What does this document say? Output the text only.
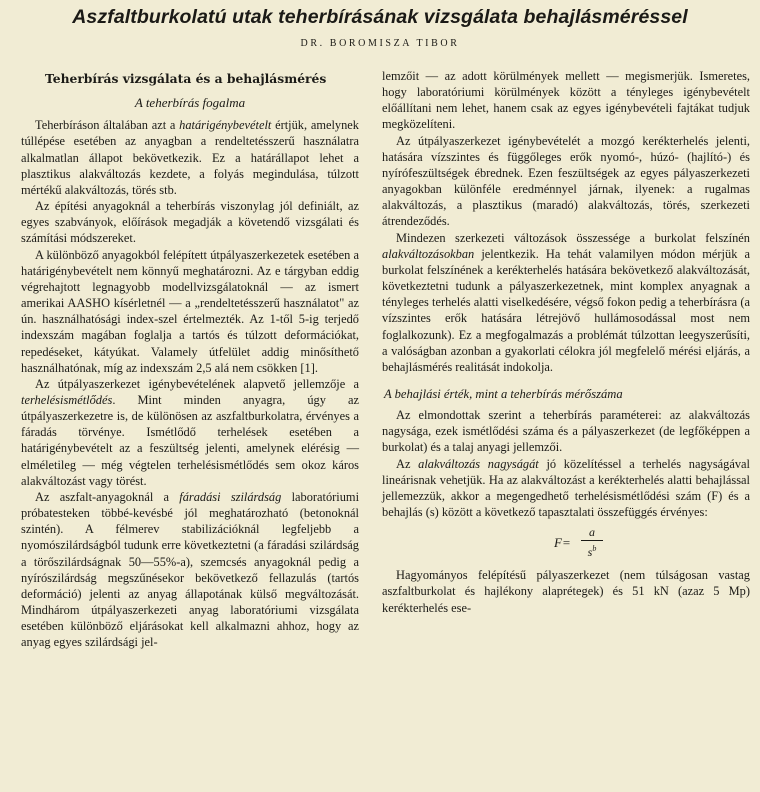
Aszfaltburkolatú utak teherbírásának vizsgálata behajlásméréssel
DR. BOROMISZA TIBOR
Teherbírás vizsgálata és a behajlásmérés
A teherbírás fogalma

Teherbíráson általában azt a határigénybevételt értjük, amelynek túllépése esetében az anyagban a rendeltetésszerű használatra alkalmatlan állapot bekövetkezik. Ez a határállapot lehet a plasztikus alakváltozás kezdete, a folyás megindulása, túlzott mértékű alakváltozás, törés stb.

Az építési anyagoknál a teherbírás viszonylag jól definiált, az egyes szabványok, előírások megadják a követendő vizsgálati és számítási módszereket.

A különböző anyagokból felépített útpályaszerkezetek esetében a határigénybevételt nem könnyű meghatározni. Az e tárgyban eddig végrehajtott legnagyobb modellvizsgálatoknál — az ismert amerikai AASHO kísérletnél — a „rendeltetésszerű használatot" az ún. használhatósági index-szel értelmezték. Az 1-től 5-ig terjedő indexszám magában foglalja a tartós és túlzott deformációkat, repedéseket, kátyúkat. Valamely útfelület addig minősíthető használhatónak, míg az indexszám 2,5 alá nem csökken [1].

Az útpályaszerkezet igénybevételének alapvető jellemzője a terhelésismétlődés. Mint minden anyagra, úgy az útpályaszerkezetre is, de különösen az aszfaltburkolatra, érvényes a fáradás törvénye. Ismétlődő terhelések esetében a határigénybevételt az a feszültség jelenti, amelynek elérésig — elméletileg — még végtelen terhelésismétlődés sem okoz káros alakváltozást vagy törést.

Az aszfalt-anyagoknál a fáradási szilárdság laboratóriumi próbatesteken többé-kevésbé jól meghatározható (betonoknál szintén). A félmerev stabilizációknál legfeljebb a nyomószilárdságból tudunk erre következtetni (a fáradási szilárdság a törőszilárdságnak 50—55%-a), szemcsés anyagoknál pedig a nyírószilárdság megszűnésekor bekövetkező fellazulás (tartós deformáció) jelenti az anyag állapotának külső megváltozását. Mindhárom útpályaszerkezeti anyag laboratóriumi vizsgálata esetében különböző eljárásokat kell alkalmazni ahhoz, hogy az anyag egyes szilárdsági jel-

lemzőit — az adott körülmények mellett — megismerjük. Ismeretes, hogy laboratóriumi körülmények között a tényleges igénybevételt előállítani nem lehet, hanem csak az egyes igénybevételi fajtákat tudjuk megközelíteni.

Az útpályaszerkezet igénybevételét a mozgó kerékterhelés jelenti, hatására vízszintes és függőleges erők nyomó-, húzó- (hajlító-) és nyírófeszültségek ébrednek. Ezen feszültségek az egyes pályaszerkezeti anyagokban különféle eredménnyel járnak, ilyenek: a rugalmas alakváltozás, a plasztikus (maradó) alakváltozás, törés, szerkezeti átrendeződés.

Mindezen szerkezeti változások összessége a burkolat felszínén alakváltozásokban jelentkezik. Ha tehát valamilyen módon mérjük a burkolat felszínének a kerékterhelés hatására bekövetkező alakváltozását, következtetni tudunk a pályaszerkezetnek, mint komplex anyagnak a tényleges terhelés alatti viselkedésére, végső fokon pedig a teherbírásra (a vízszintes erők hatására létrejövő hullámosodással most nem foglalkozunk). Ez a megfogalmazás a problémát túlzottan leegyszerűsíti, a valóságban azonban a gyakorlati célokra jól megfelelő mérési eljárás, a behajlásmérés realitását indokolja.

A behajlási érték, mint a teherbírás mérőszáma

Az elmondottak szerint a teherbírás paraméterei: az alakváltozás nagysága, ezek ismétlődési száma és a pályaszerkezet (de legfőképpen a burkolat) és a talaj anyagi jellemzői.

Az alakváltozás nagyságát jó közelítéssel a terhelés nagyságával lineárisnak vehetjük. Ha az alakváltozást a kerékterhelés alatti behajlással jellemezzük, akkor a megengedhető terhelésismétlődési szám (F) és a behajlás (s) között a következő tapasztalati összefüggés érvényes:

$F= \frac{a}{s^b}$

Hagyományos felépítésű pályaszerkezet (nem túlságosan vastag aszfaltburkolat és hajlékony alaprétegek) és 51 kN (azaz 5 Mp) kerékterhelés ese-
